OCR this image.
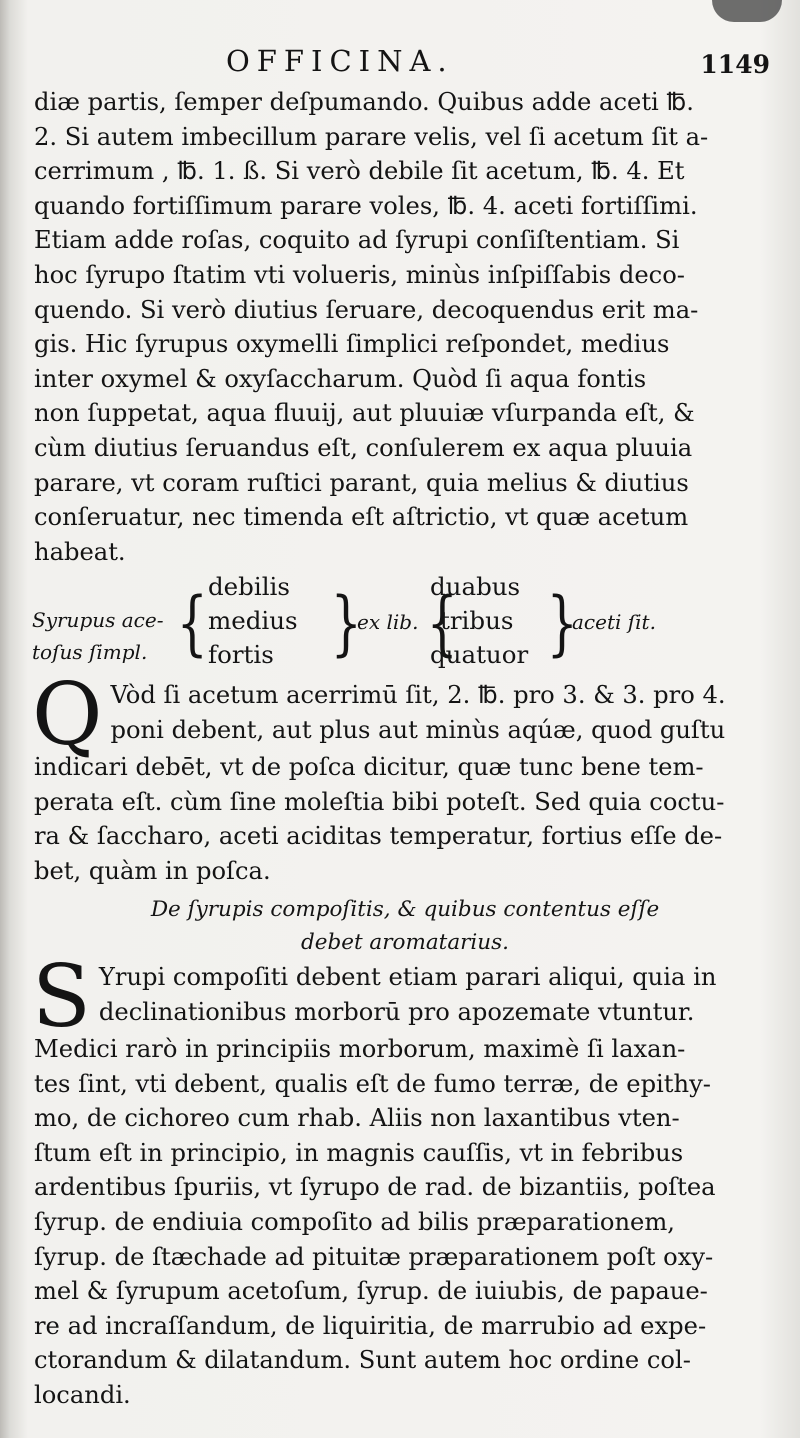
OFFICINA.	1149
diæ partis, ſemper deſpumando. Quibus adde aceti ℔.
2. Si autem imbecillum parare velis, vel ſi acetum ſit a-
cerrimum , ℔. 1. ß. Si verò debile ſit acetum, ℔. 4. Et
quando fortiſſimum parare voles, ℔. 4. aceti fortiſſimi.
Etiam adde roſas, coquito ad ſyrupi conſiſtentiam. Si
hoc ſyrupo ſtatim vti volueris, minùs inſpiſſabis deco-
quendo. Si verò diutius ſeruare, decoquendus erit ma-
gis. Hic ſyrupus oxymelli ſimplici reſpondet, medius
inter oxymel & oxyſaccharum. Quòd ſi aqua fontis
non ſuppetat, aqua fluuij, aut pluuiæ vſurpanda eſt, &
cùm diutius ſeruandus eſt, conſulerem ex aqua pluuia
parare, vt coram ruſtici parant, quia melius & diutius
conſeruatur, nec timenda eſt aſtrictio, vt quæ acetum
habeat.
Syrupus ace-
toſus ſimpl. { debilis
medius
fortis }
ex lib. {
duabus
tribus
quatuor }
aceti ſit.
Q Vòd ſi acetum acerrimū ſit, 2. ℔. pro 3. & 3. pro 4.
poni debent, aut plus aut minùs aqúæ, quod guſtu
indicari debēt, vt de poſca dicitur, quæ tunc bene tem-
perata eſt. cùm ſine moleſtia bibi poteſt. Sed quia coctu-
ra & ſaccharo, aceti aciditas temperatur, fortius eſſe de-
bet, quàm in poſca.
De ſyrupis compoſitis, & quibus contentus eſſe
debet aromatarius.
S Yrupi compoſiti debent etiam parari aliqui, quia in
declinationibus morborū pro apozemate vtuntur.
Medici rarò in principiis morborum, maximè ſi laxan-
tes ſint, vti debent, qualis eſt de fumo terræ, de epithy-
mo, de cichoreo cum rhab. Aliis non laxantibus vten-
ſtum eſt in principio, in magnis cauſſis, vt in febribus
ardentibus ſpuriis, vt ſyrupo de rad. de bizantiis, poſtea
ſyrup. de endiuia compoſito ad bilis præparationem,
ſyrup. de ſtæchade ad pituitæ præparationem poſt oxy-
mel & ſyrupum acetoſum, ſyrup. de iuiubis, de papaue-
re ad incraſſandum, de liquiritia, de marrubio ad expe-
ctorandum & dilatandum. Sunt autem hoc ordine col-
locandi.
